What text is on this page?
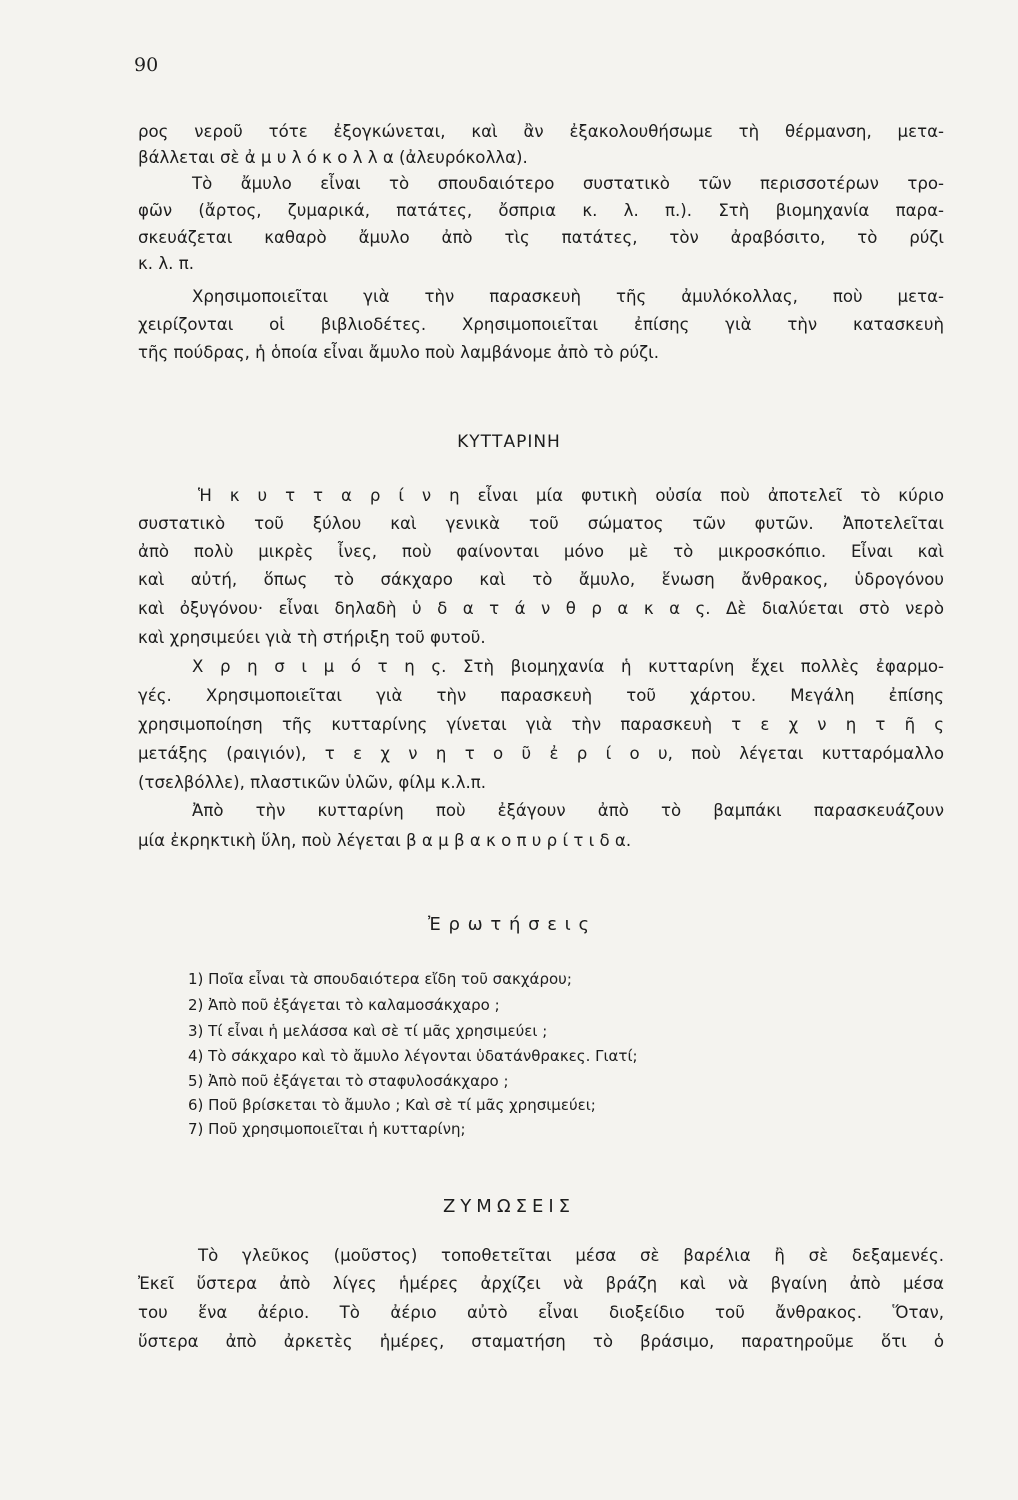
90
ρος νεροῦ τότε ἐξογκώνεται, καὶ ἂν ἐξακολουθήσωμε τὴ θέρμανση, μετα-
βάλλεται σὲ ἀ μ υ λ ό κ ο λ λ α (ἀλευρόκολλα).
Τὸ ἄμυλο εἶναι τὸ σπουδαιότερο συστατικὸ τῶν περισσοτέρων τρο-
φῶν (ἄρτος, ζυμαρικά, πατάτες, ὄσπρια κ. λ. π.). Στὴ βιομηχανία παρα-
σκευάζεται καθαρὸ ἄμυλο ἀπὸ τὶς πατάτες, τὸν ἀραβόσιτο, τὸ ρύζι
κ. λ. π.
Χρησιμοποιεῖται γιὰ τὴν παρασκευὴ τῆς ἀμυλόκολλας, ποὺ μετα-
χειρίζονται οἱ βιβλιοδέτες. Χρησιμοποιεῖται ἐπίσης γιὰ τὴν κατασκευὴ
τῆς πούδρας, ἡ ὁποία εἶναι ἄμυλο ποὺ λαμβάνομε ἀπὸ τὸ ρύζι.
ΚΥΤΤΑΡΙΝΗ
Ἡ κ υ τ τ α ρ ί ν η εἶναι μία φυτικὴ οὐσία ποὺ ἀποτελεῖ τὸ κύριο
συστατικὸ τοῦ ξύλου καὶ γενικὰ τοῦ σώματος τῶν φυτῶν. Ἀποτελεῖται
ἀπὸ πολὺ μικρὲς ἶνες, ποὺ φαίνονται μόνο μὲ τὸ μικροσκόπιο. Εἶναι καὶ
καὶ αὐτή, ὅπως τὸ σάκχαρο καὶ τὸ ἄμυλο, ἕνωση ἄνθρακος, ὑδρογόνου
καὶ ὀξυγόνου· εἶναι δηλαδὴ ὑ δ α τ ά ν θ ρ α κ α ς. Δὲ διαλύεται στὸ νερὸ
καὶ χρησιμεύει γιὰ τὴ στήριξη τοῦ φυτοῦ.
Χ ρ η σ ι μ ό τ η ς. Στὴ βιομηχανία ἡ κυτταρίνη ἔχει πολλὲς ἐφαρμο-
γές. Χρησιμοποιεῖται γιὰ τὴν παρασκευὴ τοῦ χάρτου. Μεγάλη ἐπίσης
χρησιμοποίηση τῆς κυτταρίνης γίνεται γιὰ τὴν παρασκευὴ τ ε χ ν η τ ῆ ς
μετάξης (ραιγιόν), τ ε χ ν η τ ο ῦ ἐ ρ ί ο υ, ποὺ λέγεται κυτταρόμαλλο
(τσελβόλλε), πλαστικῶν ὑλῶν, φίλμ κ.λ.π.
Ἀπὸ τὴν κυτταρίνη ποὺ ἐξάγουν ἀπὸ τὸ βαμπάκι παρασκευάζουν
μία ἐκρηκτικὴ ὕλη, ποὺ λέγεται β α μ β α κ ο π υ ρ ί τ ι δ α.
Ἐ ρ ω τ ή σ ε ι ς
1) Ποῖα εἶναι τὰ σπουδαιότερα εἴδη τοῦ σακχάρου;
2) Ἀπὸ ποῦ ἐξάγεται τὸ καλαμοσάκχαρο ;
3) Τί εἶναι ἡ μελάσσα καὶ σὲ τί μᾶς χρησιμεύει ;
4) Τὸ σάκχαρο καὶ τὸ ἄμυλο λέγονται ὑδατάνθρακες. Γιατί;
5) Ἀπὸ ποῦ ἐξάγεται τὸ σταφυλοσάκχαρο ;
6) Ποῦ βρίσκεται τὸ ἄμυλο ; Καὶ σὲ τί μᾶς χρησιμεύει;
7) Ποῦ χρησιμοποιεῖται ἡ κυτταρίνη;
ΖΥΜΩΣΕΙΣ
Τὸ γλεῦκος (μοῦστος) τοποθετεῖται μέσα σὲ βαρέλια ἢ σὲ δεξαμενές.
Ἐκεῖ ὕστερα ἀπὸ λίγες ἡμέρες ἀρχίζει νὰ βράζη καὶ νὰ βγαίνη ἀπὸ μέσα
του ἕνα ἀέριο. Τὸ ἀέριο αὐτὸ εἶναι διοξείδιο τοῦ ἄνθρακος. Ὅταν,
ὕστερα ἀπὸ ἀρκετὲς ἡμέρες, σταματήση τὸ βράσιμο, παρατηροῦμε ὅτι ὁ
